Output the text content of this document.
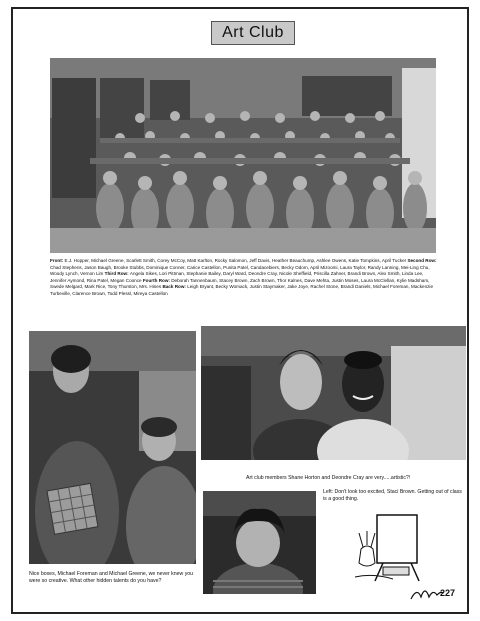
Art Club
Front: E.J. Hopper, Michael Greene, Scarlett Smith, Corey McCoy, Matt Karlton, Rocky Salomon, Jeff Davis, Heather Beauchump, Ashlee Owens, Katie Tompkins, April Tucker Second Row: Chad Stephens, Jason Baugh, Brooke Stubbs, Dominique Conner, Carice Castellon, Punita Patel, Candacebiers, Becky Odom, April Mizoomi, Laura Taylor, Randy Lanning, Mei-Ling Chu, Woody Lynch, Vernon Lim Third Row: Angela Sikes, Lori Pittman, Stephanie Bailey, Daryl Ward, Deondre Cray, Nicole Sheffield, Priscilla Zahner, Brandi Brown, Alex Smith, Linda Lee, Jennifer Aymond, Rina Patel, Megan Coonce Fourth Row: Deborah Tannenbaum, Stacey Brown, Zach Brown, Thor Kalnes, Dave Mehta, Justin Moses, Laura McClellan, Kylie Madsham, Swede Melgard, Mark Rice, Tony Thurston, Mrs. Hines Back Row: Leigh Bryant, Becky Womack, Justin Staymaker, Jake Joye, Rachel Stone, Brandi Daniels, Michael Foreman, Mackenzie Turbeville, Clarence Brown, Todd Plessl, Mireya Castellon
Nice boxes, Michael Foreman and Michael Greene, we never knew you were so creative. What other hidden talents do you have?
Art club members Shane Horton and Deondre Cray are very.....artistic?!
Left: Don't look too excited, Staci Brown. Getting out of class is a good thing.
227
